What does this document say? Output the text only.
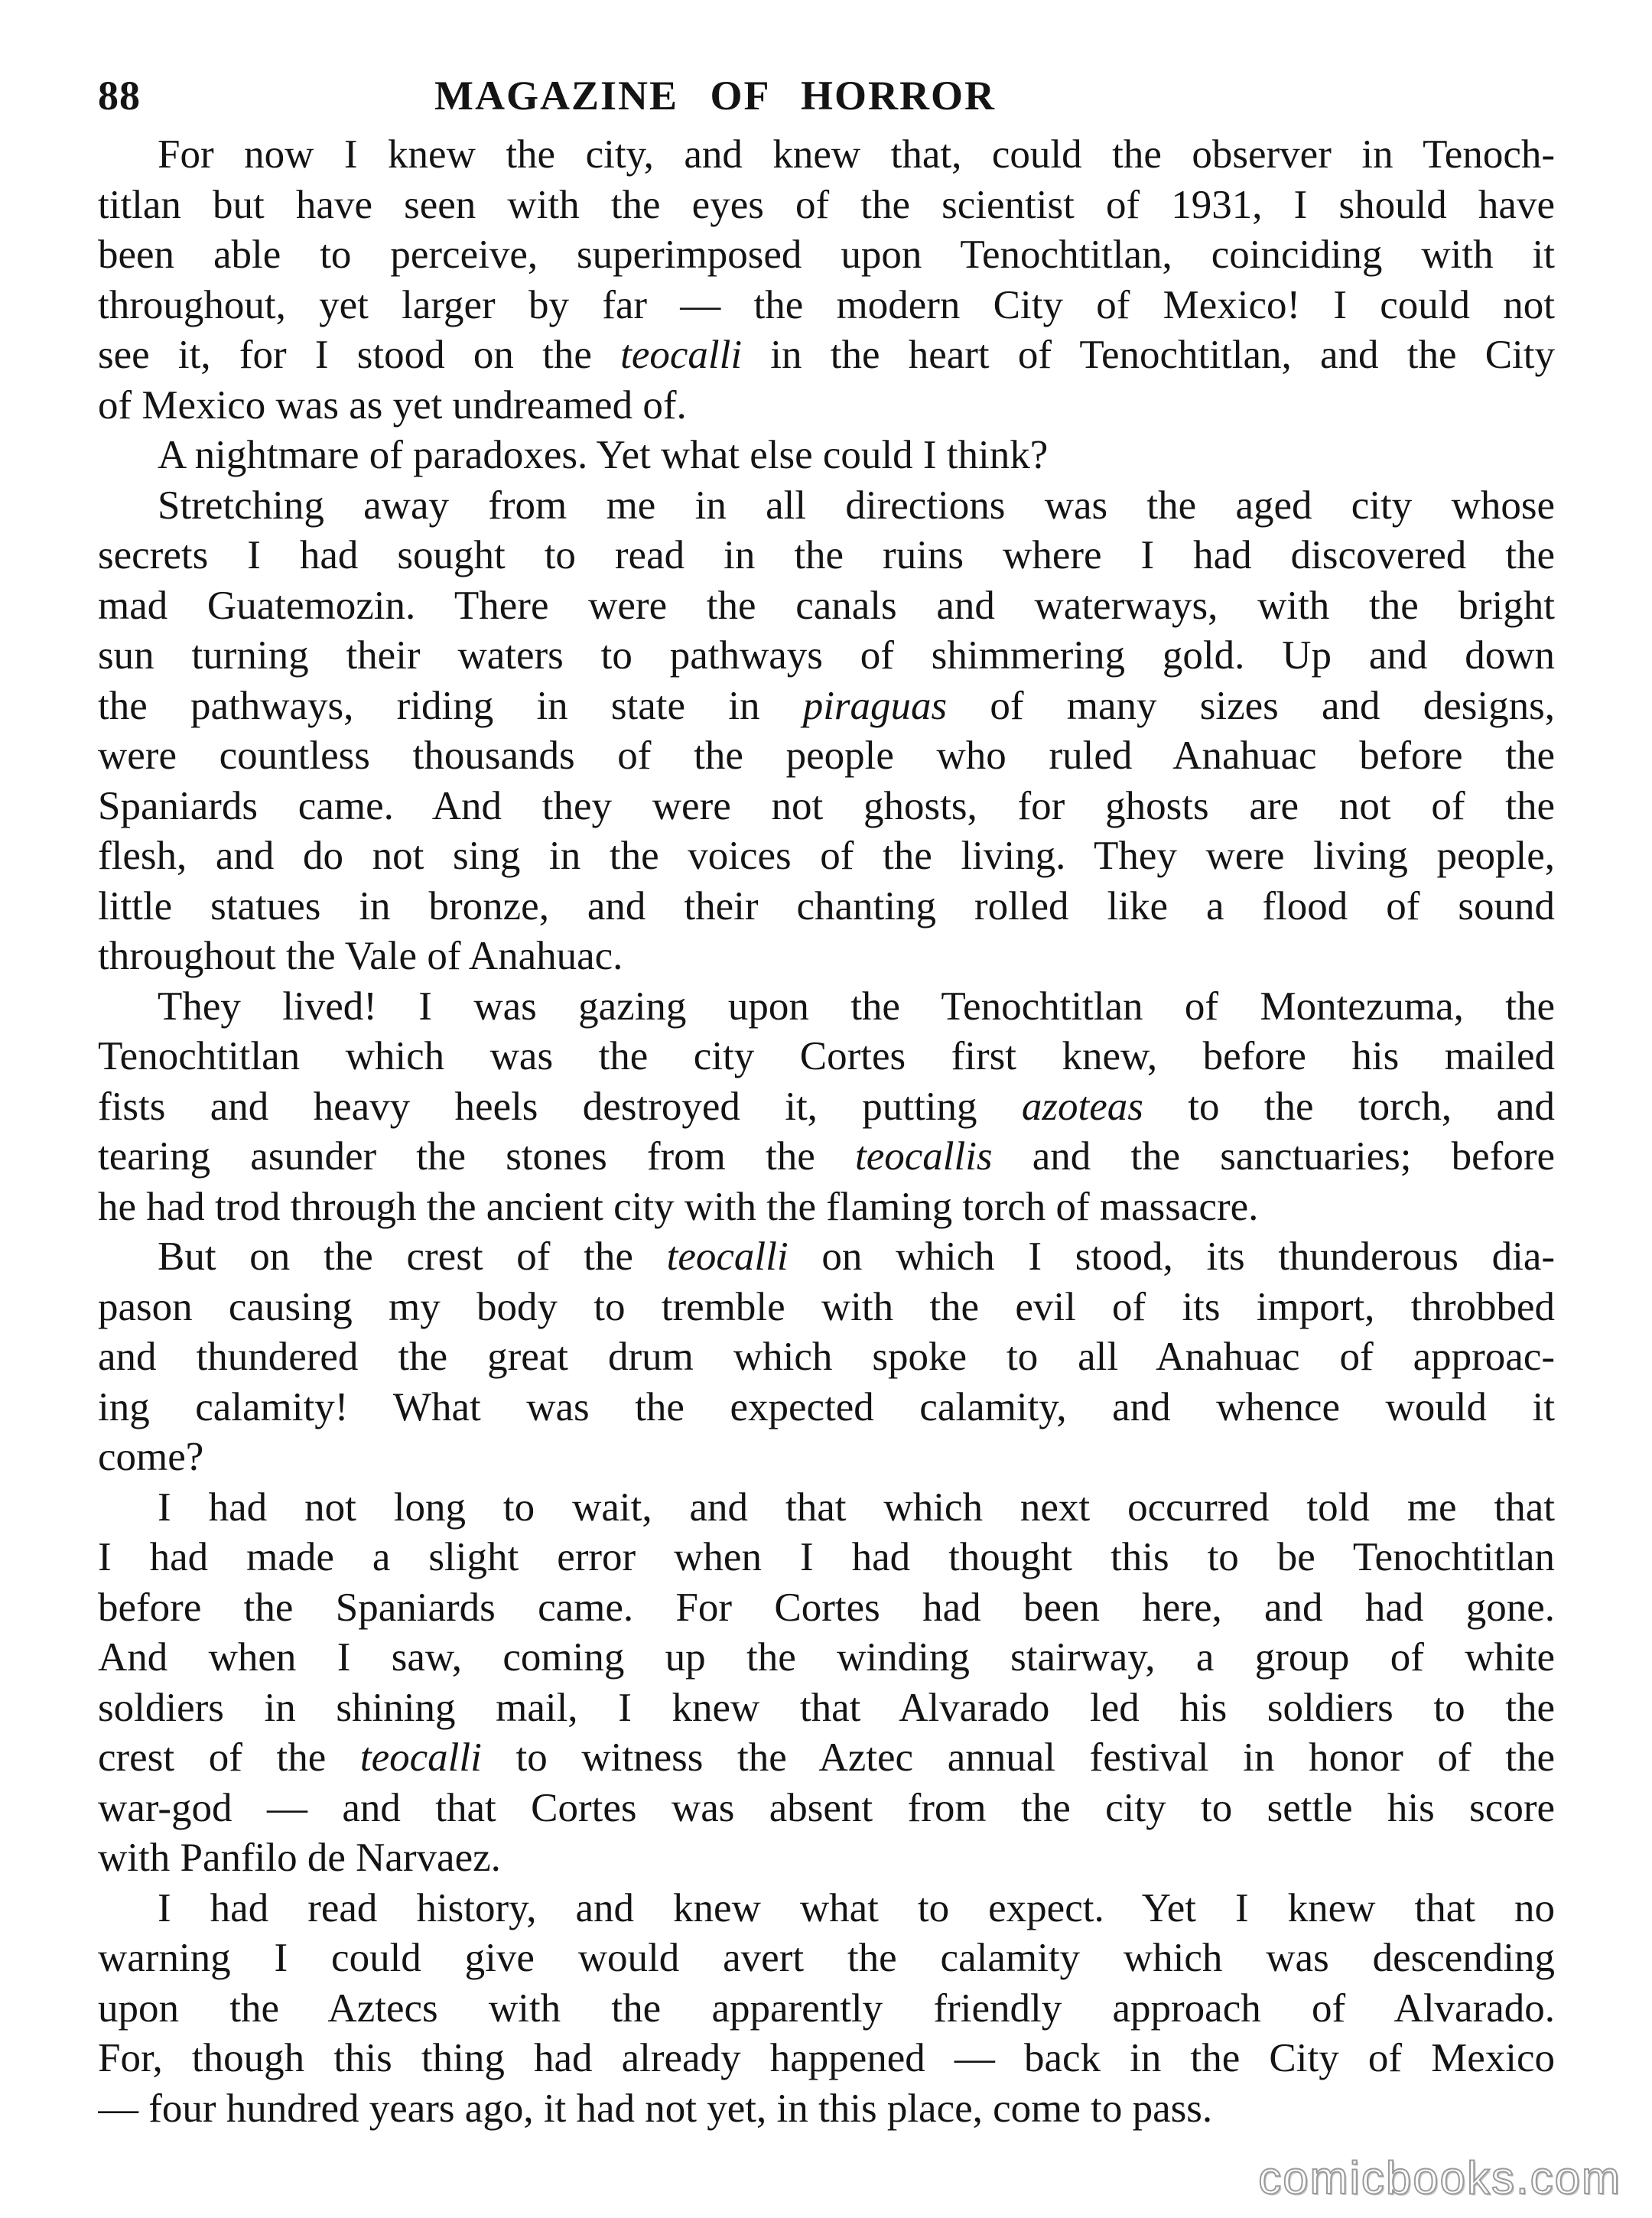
88	MAGAZINE OF HORROR
For now I knew the city, and knew that, could the observer in Tenoch-
titlan but have seen with the eyes of the scientist of 1931, I should have
been able to perceive, superimposed upon Tenochtitlan, coinciding with it
throughout, yet larger by far — the modern City of Mexico! I could not
see it, for I stood on the teocalli in the heart of Tenochtitlan, and the City
of Mexico was as yet undreamed of.
A nightmare of paradoxes. Yet what else could I think?
Stretching away from me in all directions was the aged city whose
secrets I had sought to read in the ruins where I had discovered the
mad Guatemozin. There were the canals and waterways, with the bright
sun turning their waters to pathways of shimmering gold. Up and down
the pathways, riding in state in piraguas of many sizes and designs,
were countless thousands of the people who ruled Anahuac before the
Spaniards came. And they were not ghosts, for ghosts are not of the
flesh, and do not sing in the voices of the living. They were living people,
little statues in bronze, and their chanting rolled like a flood of sound
throughout the Vale of Anahuac.
They lived! I was gazing upon the Tenochtitlan of Montezuma, the
Tenochtitlan which was the city Cortes first knew, before his mailed
fists and heavy heels destroyed it, putting azoteas to the torch, and
tearing asunder the stones from the teocallis and the sanctuaries; before
he had trod through the ancient city with the flaming torch of massacre.
But on the crest of the teocalli on which I stood, its thunderous dia-
pason causing my body to tremble with the evil of its import, throbbed
and thundered the great drum which spoke to all Anahuac of approac-
ing calamity! What was the expected calamity, and whence would it
come?
I had not long to wait, and that which next occurred told me that
I had made a slight error when I had thought this to be Tenochtitlan
before the Spaniards came. For Cortes had been here, and had gone.
And when I saw, coming up the winding stairway, a group of white
soldiers in shining mail, I knew that Alvarado led his soldiers to the
crest of the teocalli to witness the Aztec annual festival in honor of the
war-god — and that Cortes was absent from the city to settle his score
with Panfilo de Narvaez.
I had read history, and knew what to expect. Yet I knew that no
warning I could give would avert the calamity which was descending
upon the Aztecs with the apparently friendly approach of Alvarado.
For, though this thing had already happened — back in the City of Mexico
— four hundred years ago, it had not yet, in this place, come to pass.
comicbooks.com
